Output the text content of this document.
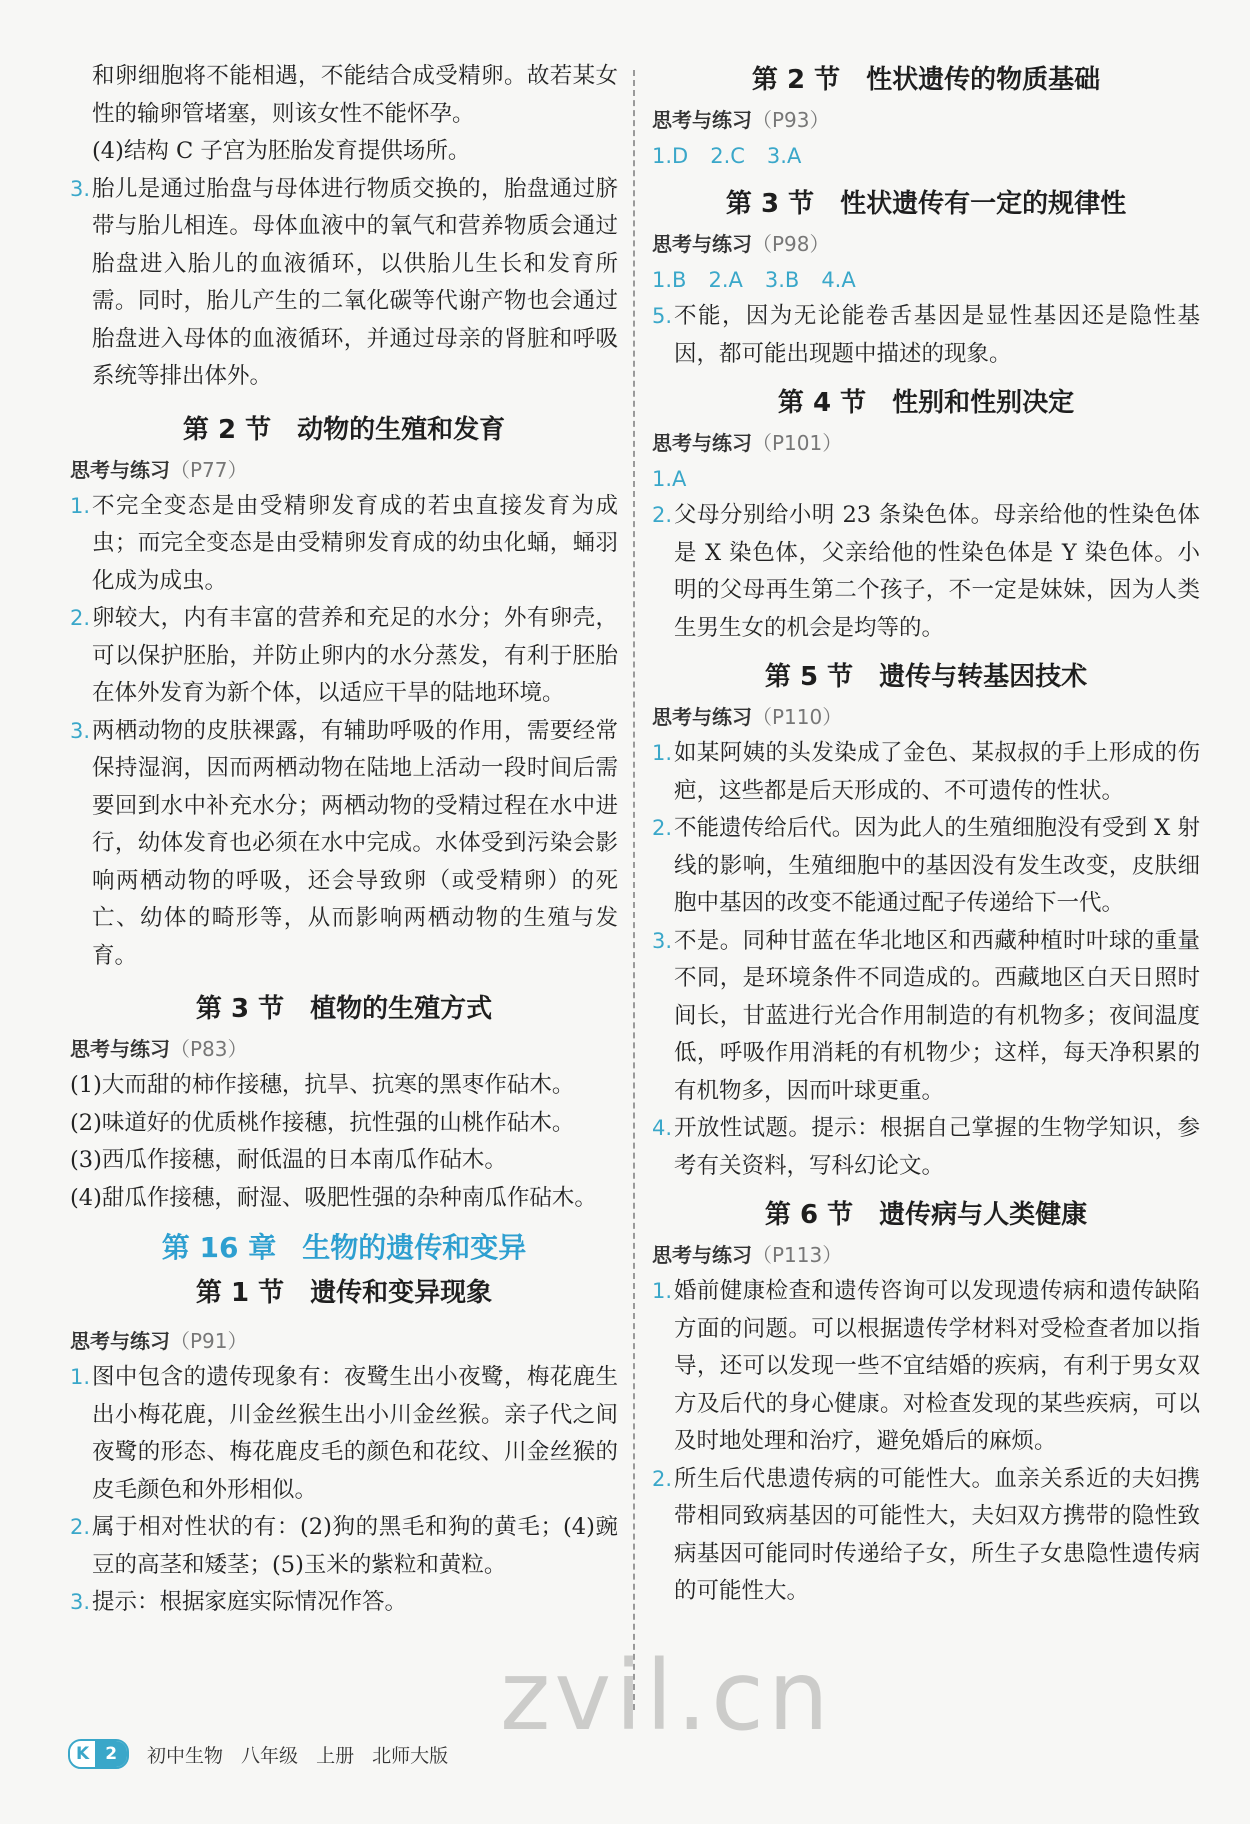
和卵细胞将不能相遇，不能结合成受精卵。故若某女性的输卵管堵塞，则该女性不能怀孕。

(4)结构 C 子宫为胚胎发育提供场所。

3. 胎儿是通过胎盘与母体进行物质交换的，胎盘通过脐带与胎儿相连。母体血液中的氧气和营养物质会通过胎盘进入胎儿的血液循环，以供胎儿生长和发育所需。同时，胎儿产生的二氧化碳等代谢产物也会通过胎盘进入母体的血液循环，并通过母亲的肾脏和呼吸系统等排出体外。

第 2 节 动物的生殖和发育

思考与练习（P77）

1. 不完全变态是由受精卵发育成的若虫直接发育为成虫；而完全变态是由受精卵发育成的幼虫化蛹，蛹羽化成为成虫。

2. 卵较大，内有丰富的营养和充足的水分；外有卵壳，可以保护胚胎，并防止卵内的水分蒸发，有利于胚胎在体外发育为新个体，以适应干旱的陆地环境。

3. 两栖动物的皮肤裸露，有辅助呼吸的作用，需要经常保持湿润，因而两栖动物在陆地上活动一段时间后需要回到水中补充水分；两栖动物的受精过程在水中进行，幼体发育也必须在水中完成。水体受到污染会影响两栖动物的呼吸，还会导致卵（或受精卵）的死亡、幼体的畸形等，从而影响两栖动物的生殖与发育。

第 3 节 植物的生殖方式

思考与练习（P83）

(1)大而甜的柿作接穗，抗旱、抗寒的黑枣作砧木。

(2)味道好的优质桃作接穗，抗性强的山桃作砧木。

(3)西瓜作接穗，耐低温的日本南瓜作砧木。

(4)甜瓜作接穗，耐湿、吸肥性强的杂种南瓜作砧木。

第 16 章 生物的遗传和变异

第 1 节 遗传和变异现象

思考与练习（P91）

1. 图中包含的遗传现象有：夜鹭生出小夜鹭，梅花鹿生出小梅花鹿，川金丝猴生出小川金丝猴。亲子代之间夜鹭的形态、梅花鹿皮毛的颜色和花纹、川金丝猴的皮毛颜色和外形相似。

2. 属于相对性状的有：(2)狗的黑毛和狗的黄毛；(4)豌豆的高茎和矮茎；(5)玉米的紫粒和黄粒。

3. 提示：根据家庭实际情况作答。

第 2 节 性状遗传的物质基础

思考与练习（P93）

1.D 2.C 3.A

第 3 节 性状遗传有一定的规律性

思考与练习（P98）

1.B 2.A 3.B 4.A

5. 不能，因为无论能卷舌基因是显性基因还是隐性基因，都可能出现题中描述的现象。

第 4 节 性别和性别决定

思考与练习（P101）

1.A

2. 父母分别给小明 23 条染色体。母亲给他的性染色体是 X 染色体，父亲给他的性染色体是 Y 染色体。小明的父母再生第二个孩子，不一定是妹妹，因为人类生男生女的机会是均等的。

第 5 节 遗传与转基因技术

思考与练习（P110）

1. 如某阿姨的头发染成了金色、某叔叔的手上形成的伤疤，这些都是后天形成的、不可遗传的性状。

2. 不能遗传给后代。因为此人的生殖细胞没有受到 X 射线的影响，生殖细胞中的基因没有发生改变，皮肤细胞中基因的改变不能通过配子传递给下一代。

3. 不是。同种甘蓝在华北地区和西藏种植时叶球的重量不同，是环境条件不同造成的。西藏地区白天日照时间长，甘蓝进行光合作用制造的有机物多；夜间温度低，呼吸作用消耗的有机物少；这样，每天净积累的有机物多，因而叶球更重。

4. 开放性试题。提示：根据自己掌握的生物学知识，参考有关资料，写科幻论文。

第 6 节 遗传病与人类健康

思考与练习（P113）

1. 婚前健康检查和遗传咨询可以发现遗传病和遗传缺陷方面的问题。可以根据遗传学材料对受检查者加以指导，还可以发现一些不宜结婚的疾病，有利于男女双方及后代的身心健康。对检查发现的某些疾病，可以及时地处理和治疗，避免婚后的麻烦。

2. 所生后代患遗传病的可能性大。血亲关系近的夫妇携带相同致病基因的可能性大，夫妇双方携带的隐性致病基因可能同时传递给子女，所生子女患隐性遗传病的可能性大。

K 2	初中生物 八年级 上册 北师大版
zvil.cn
